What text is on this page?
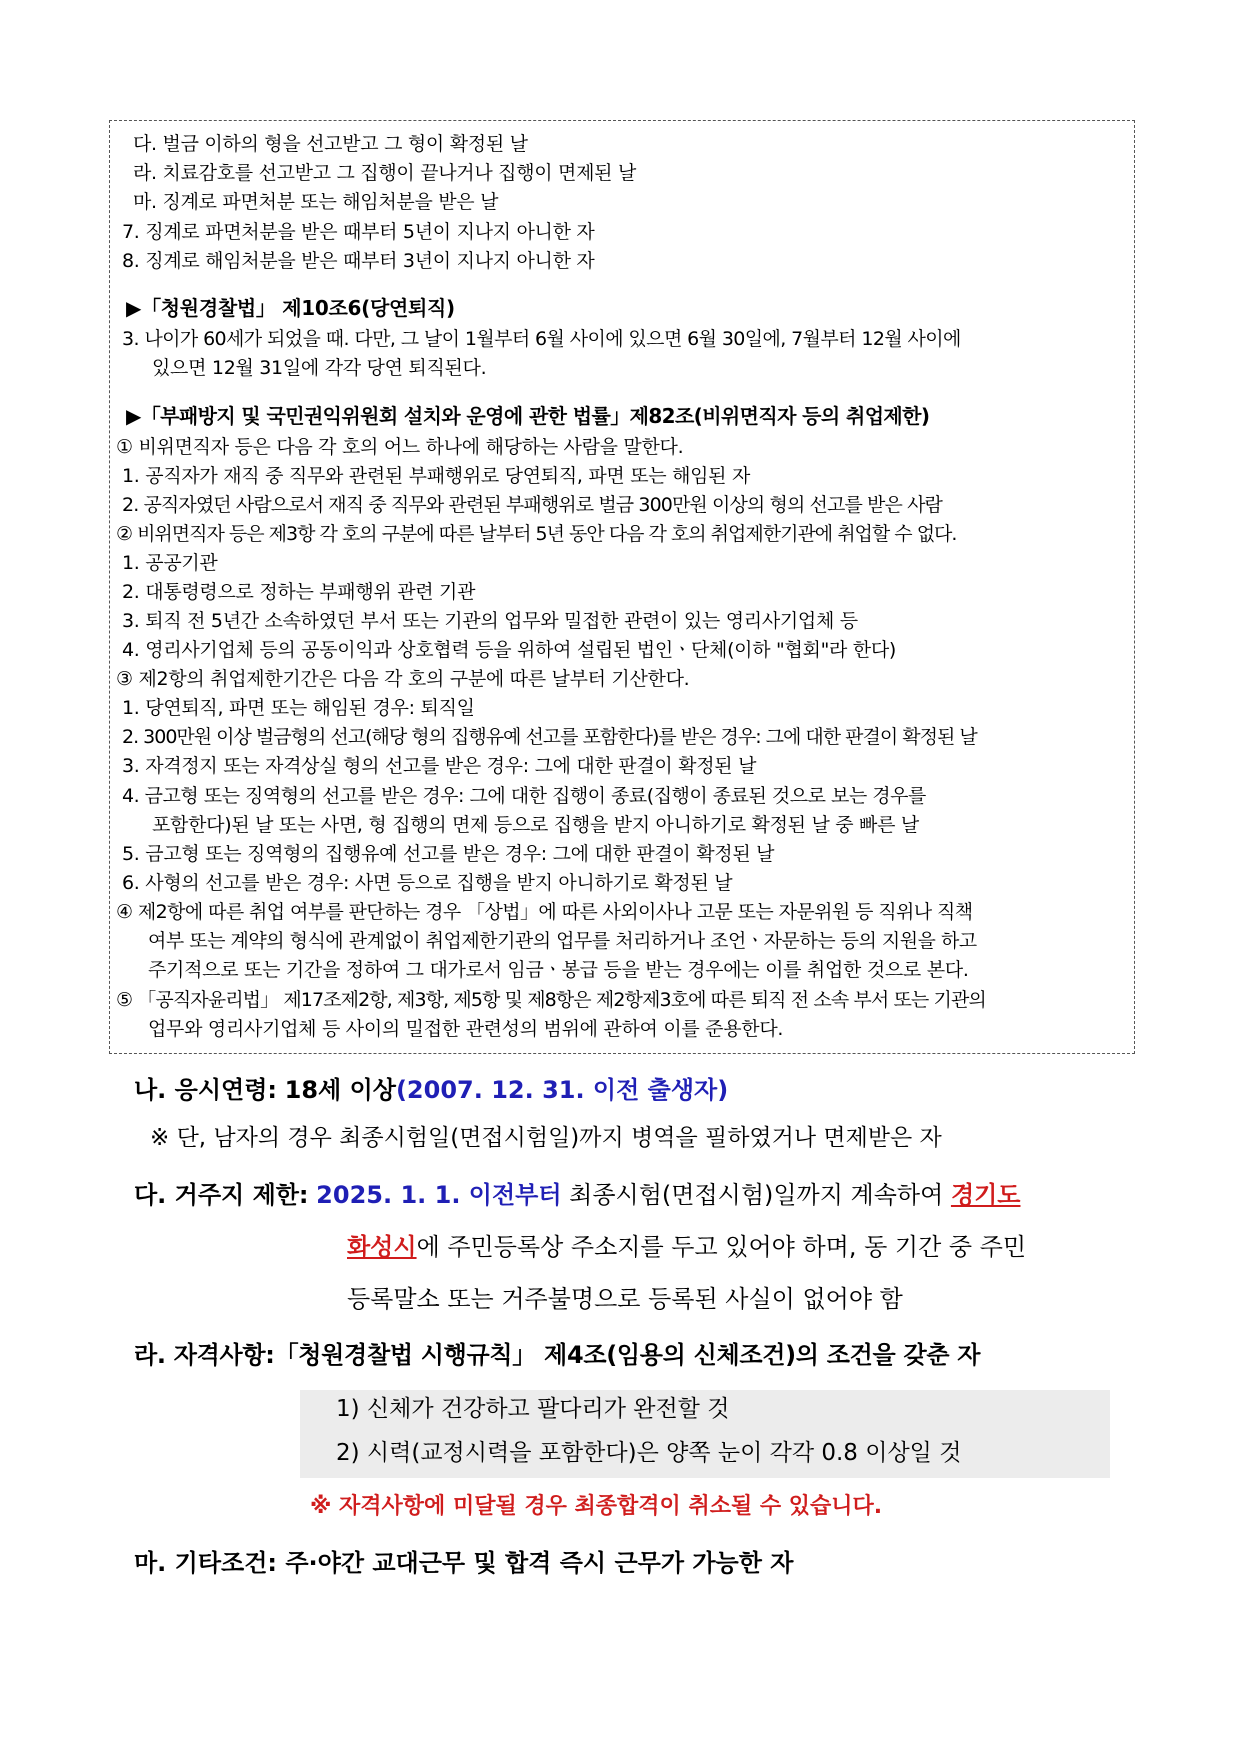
다. 벌금 이하의 형을 선고받고 그 형이 확정된 날
라. 치료감호를 선고받고 그 집행이 끝나거나 집행이 면제된 날
마. 징계로 파면처분 또는 해임처분을 받은 날
7. 징계로 파면처분을 받은 때부터 5년이 지나지 아니한 자
8. 징계로 해임처분을 받은 때부터 3년이 지나지 아니한 자
▶「청원경찰법」 제10조6(당연퇴직)
3. 나이가 60세가 되었을 때. 다만, 그 날이 1월부터 6월 사이에 있으면 6월 30일에, 7월부터 12월 사이에
있으면 12월 31일에 각각 당연 퇴직된다.
▶「부패방지 및 국민권익위원회 설치와 운영에 관한 법률」제82조(비위면직자 등의 취업제한)
① 비위면직자 등은 다음 각 호의 어느 하나에 해당하는 사람을 말한다.
1. 공직자가 재직 중 직무와 관련된 부패행위로 당연퇴직, 파면 또는 해임된 자
2. 공직자였던 사람으로서 재직 중 직무와 관련된 부패행위로 벌금 300만원 이상의 형의 선고를 받은 사람
② 비위면직자 등은 제3항 각 호의 구분에 따른 날부터 5년 동안 다음 각 호의 취업제한기관에 취업할 수 없다.
1. 공공기관
2. 대통령령으로 정하는 부패행위 관련 기관
3. 퇴직 전 5년간 소속하였던 부서 또는 기관의 업무와 밀접한 관련이 있는 영리사기업체 등
4. 영리사기업체 등의 공동이익과 상호협력 등을 위하여 설립된 법인ㆍ단체(이하 "협회"라 한다)
③ 제2항의 취업제한기간은 다음 각 호의 구분에 따른 날부터 기산한다.
1. 당연퇴직, 파면 또는 해임된 경우: 퇴직일
2. 300만원 이상 벌금형의 선고(해당 형의 집행유예 선고를 포함한다)를 받은 경우: 그에 대한 판결이 확정된 날
3. 자격정지 또는 자격상실 형의 선고를 받은 경우: 그에 대한 판결이 확정된 날
4. 금고형 또는 징역형의 선고를 받은 경우: 그에 대한 집행이 종료(집행이 종료된 것으로 보는 경우를
포함한다)된 날 또는 사면, 형 집행의 면제 등으로 집행을 받지 아니하기로 확정된 날 중 빠른 날
5. 금고형 또는 징역형의 집행유예 선고를 받은 경우: 그에 대한 판결이 확정된 날
6. 사형의 선고를 받은 경우: 사면 등으로 집행을 받지 아니하기로 확정된 날
④ 제2항에 따른 취업 여부를 판단하는 경우 「상법」에 따른 사외이사나 고문 또는 자문위원 등 직위나 직책
여부 또는 계약의 형식에 관계없이 취업제한기관의 업무를 처리하거나 조언ㆍ자문하는 등의 지원을 하고
주기적으로 또는 기간을 정하여 그 대가로서 임금ㆍ봉급 등을 받는 경우에는 이를 취업한 것으로 본다.
⑤ 「공직자윤리법」 제17조제2항, 제3항, 제5항 및 제8항은 제2항제3호에 따른 퇴직 전 소속 부서 또는 기관의
업무와 영리사기업체 등 사이의 밀접한 관련성의 범위에 관하여 이를 준용한다.
나. 응시연령: 18세 이상(2007. 12. 31. 이전 출생자)
※ 단, 남자의 경우 최종시험일(면접시험일)까지 병역을 필하였거나 면제받은 자
다. 거주지 제한: 2025. 1. 1. 이전부터 최종시험(면접시험)일까지 계속하여 경기도
화성시에 주민등록상 주소지를 두고 있어야 하며, 동 기간 중 주민
등록말소 또는 거주불명으로 등록된 사실이 없어야 함
라. 자격사항:「청원경찰법 시행규칙」 제4조(임용의 신체조건)의 조건을 갖춘 자
1) 신체가 건강하고 팔다리가 완전할 것
2) 시력(교정시력을 포함한다)은 양쪽 눈이 각각 0.8 이상일 것
※ 자격사항에 미달될 경우 최종합격이 취소될 수 있습니다.
마. 기타조건: 주·야간 교대근무 및 합격 즉시 근무가 가능한 자
